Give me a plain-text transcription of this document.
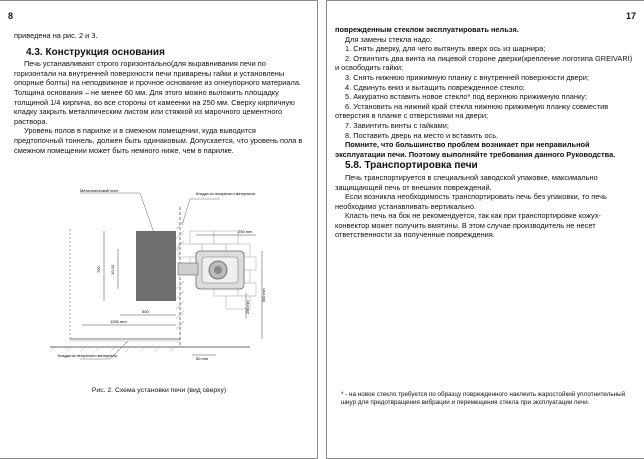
8

приведена на рис. 2 и 3.

4.3. Конструкция основания

Печь устанавливают строго горизонтально(для выравнивания печи по горизонтали на внутренней поверхности печи приварены гайки и установлены опорные болты) на неподвижное и прочное основание из огнеупорного материала. Толщина основания – не менее 60 мм. Для этого можно выложить площадку толщиной 1/4 кирпича, во все стороны от камеенки на 250 мм. Сверху кирпичную кладку закрыть металлическим листом или стяжкой из марочного цементного раствора.

Уровень полов в парилке и в смежном помещении, куда выводится предтопочный тоннель, должен быть одинаковым. Допускается, что уровень пола в смежном помещении может быть немного ниже, чем в парилке.

Металлический лист
Кладка из негорючего материала
250 mm
700 10-20
500
1250 mm
250 mm
500 mm
50 mm
Кладка из негорючего материала
Рис. 2. Схема установки печи (вид сверху)
17

поврежденным стеклом эксплуатировать нельзя.

Для замены стекла надо:

1. Снять дверку, для чего вытянуть вверх ось из шарнира;

2. Отвинтить два винта на лицевой стороне дверки(крепление логотипа GREIVARI) и освободить гайки;

3. Снять нижнюю прижимную планку с внутренней поверхности двери;

4. Сдвинуть вниз и вытащить поврежденное стекло;

5. Аккуратно вставить новое стекло* под верхнюю прижимную планку;

6. Установить на нижний край стекла нижнюю прижимную планку совместив отверстия в планке с отверстиями на двери;

7. Завинтить винты с гайками;

8. Поставить дверь на место и вставить ось.

Помните, что большинство проблем возникает при неправильной эксплуатации печи. Поэтому выполняйте требования данного Руководства.

5.8. Транспортировка печи

Печь транспортируется в специальной заводской упаковке, максимально защищающей печь от внешних повреждений.

Если возникла необходимость транспортировать печь без упаковки, то печь необходимо устанавливать вертикально.

Класть печь на бок не рекомендуется, так как при транспортировке кожух-конвектор может получить вмятины. В этом случае производитель не несет ответственности за полученные повреждения.

* - на новое стекло требуется по образцу поврежденного наклеить жаростойкий уплотнительный шнур для предотвращения вибрации и перемещения стекла при эксплуатации печи.
